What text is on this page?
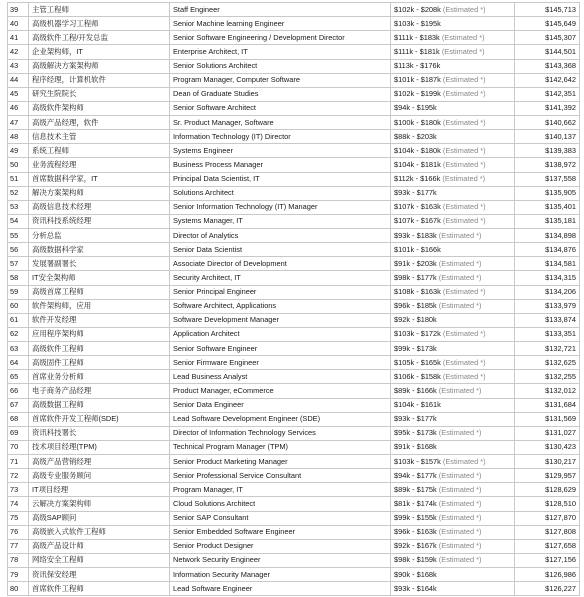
39	主管工程师	Staff Engineer	$102k - $208k (Estimated *)	$145,713
40	高级机器学习工程师	Senior Machine learning Engineer	$103k - $195k	$145,649
41	高级软件工程/开发总监	Senior Software Engineering / Development Director	$111k - $183k (Estimated *)	$145,307
42	企业架构师，IT	Enterprise Architect, IT	$111k - $181k (Estimated *)	$144,501
43	高级解决方案架构师	Senior Solutions Architect	$113k - $176k	$143,368
44	程序经理，计算机软件	Program Manager, Computer Software	$101k - $187k (Estimated *)	$142,642
45	研究生院院长	Dean of Graduate Studies	$102k - $199k (Estimated *)	$142,351
46	高级软件架构师	Senior Software Architect	$94k - $195k	$141,392
47	高级产品经理，软件	Sr. Product Manager, Software	$100k - $180k (Estimated *)	$140,662
48	信息技术主管	Information Technology (IT) Director	$88k - $203k	$140,137
49	系统工程师	Systems Engineer	$104k - $180k (Estimated *)	$139,383
50	业务流程经理	Business Process Manager	$104k - $181k (Estimated *)	$138,972
51	首席数据科学家，IT	Principal Data Scientist, IT	$112k - $166k (Estimated *)	$137,558
52	解决方案架构师	Solutions Architect	$93k - $177k	$135,905
53	高级信息技术经理	Senior Information Technology (IT) Manager	$107k - $163k (Estimated *)	$135,401
54	资讯科技系统经理	Systems Manager, IT	$107k - $167k (Estimated *)	$135,181
55	分析总监	Director of Analytics	$93k - $183k (Estimated *)	$134,898
56	高级数据科学家	Senior Data Scientist	$101k - $166k	$134,876
57	发展署副署长	Associate Director of Development	$91k - $203k (Estimated *)	$134,581
58	IT安全架构师	Security Architect, IT	$98k - $177k (Estimated *)	$134,315
59	高级首席工程师	Senior Principal Engineer	$108k - $163k (Estimated *)	$134,206
60	软件架构师，应用	Software Architect, Applications	$96k - $185k (Estimated *)	$133,979
61	软件开发经理	Software Development Manager	$92k - $180k	$133,874
62	应用程序架构师	Application Architect	$103k - $172k (Estimated *)	$133,351
63	高级软件工程师	Senior Software Engineer	$99k - $173k	$132,721
64	高级固件工程师	Senior Firmware Engineer	$105k - $165k (Estimated *)	$132,625
65	首席业务分析师	Lead Business Analyst	$106k - $158k (Estimated *)	$132,255
66	电子商务产品经理	Product Manager, eCommerce	$89k - $166k (Estimated *)	$132,012
67	高级数据工程师	Senior Data Engineer	$104k - $161k	$131,684
68	首席软件开发工程师(SDE)	Lead Software Development Engineer (SDE)	$93k - $177k	$131,569
69	资讯科技署长	Director of Information Technology Services	$95k - $173k (Estimated *)	$131,027
70	技术项目经理(TPM)	Technical Program Manager (TPM)	$91k - $168k	$130,423
71	高级产品营销经理	Senior Product Marketing Manager	$103k - $157k (Estimated *)	$130,217
72	高级专业服务顾问	Senior Professional Service Consultant	$94k - $177k (Estimated *)	$129,957
73	IT项目经理	Program Manager, IT	$89k - $175k (Estimated *)	$128,629
74	云解决方案架构师	Cloud Solutions Architect	$81k - $174k (Estimated *)	$128,510
75	高级SAP顾问	Senior SAP Consultant	$99k - $155k (Estimated *)	$127,870
76	高级嵌入式软件工程师	Senior Embedded Software Engineer	$96k - $163k (Estimated *)	$127,808
77	高级产品设计师	Senior Product Designer	$92k - $167k (Estimated *)	$127,658
78	网络安全工程师	Network Security Engineer	$98k - $159k (Estimated *)	$127,156
79	资讯保安经理	Information Security Manager	$90k - $168k	$126,986
80	首席软件工程师	Lead Software Engineer	$93k - $164k	$126,227
